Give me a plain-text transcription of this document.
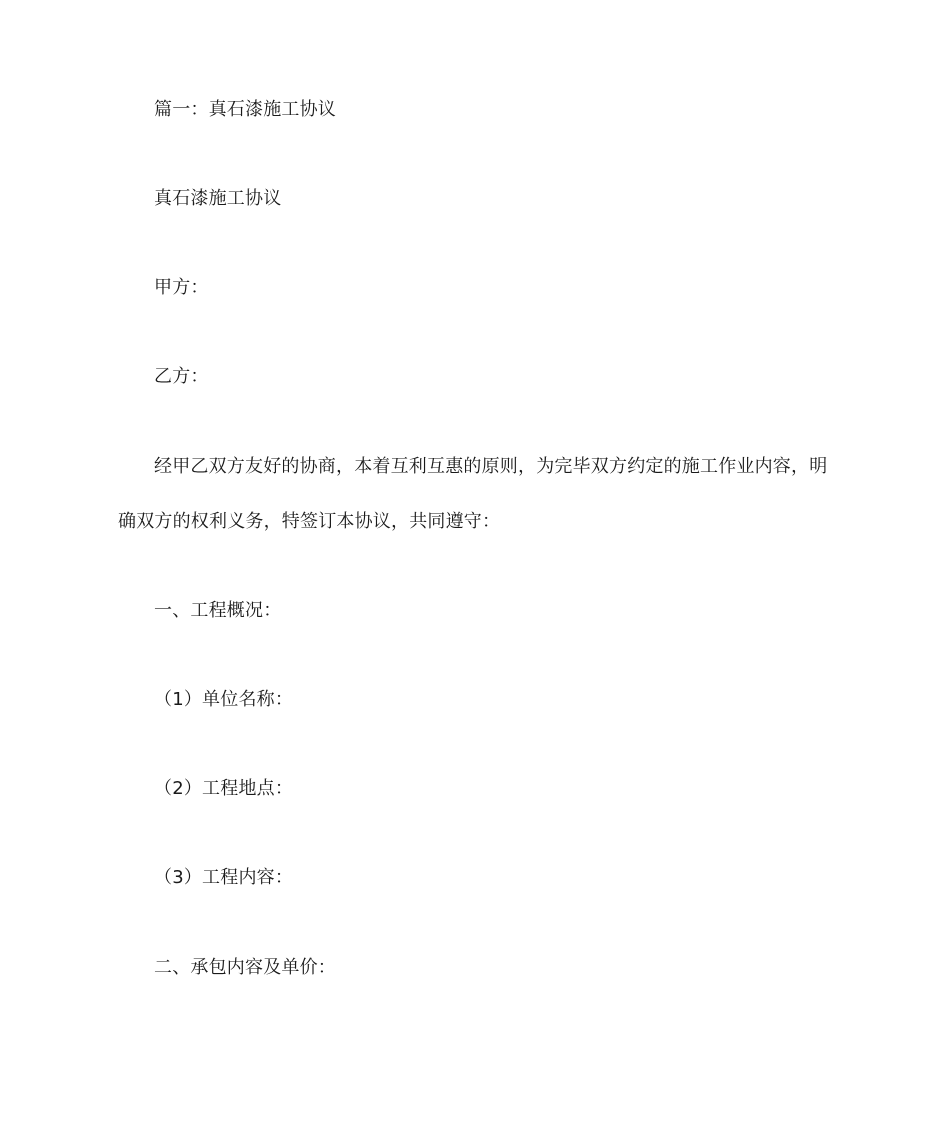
篇一：真石漆施工协议
真石漆施工协议
甲方：
乙方：
经甲乙双方友好的协商，本着互利互惠的原则，为完毕双方约定的施工作业内容，明
确双方的权利义务，特签订本协议，共同遵守：
一、工程概况：
（1）单位名称：
（2）工程地点：
（3）工程内容：
二、承包内容及单价：
